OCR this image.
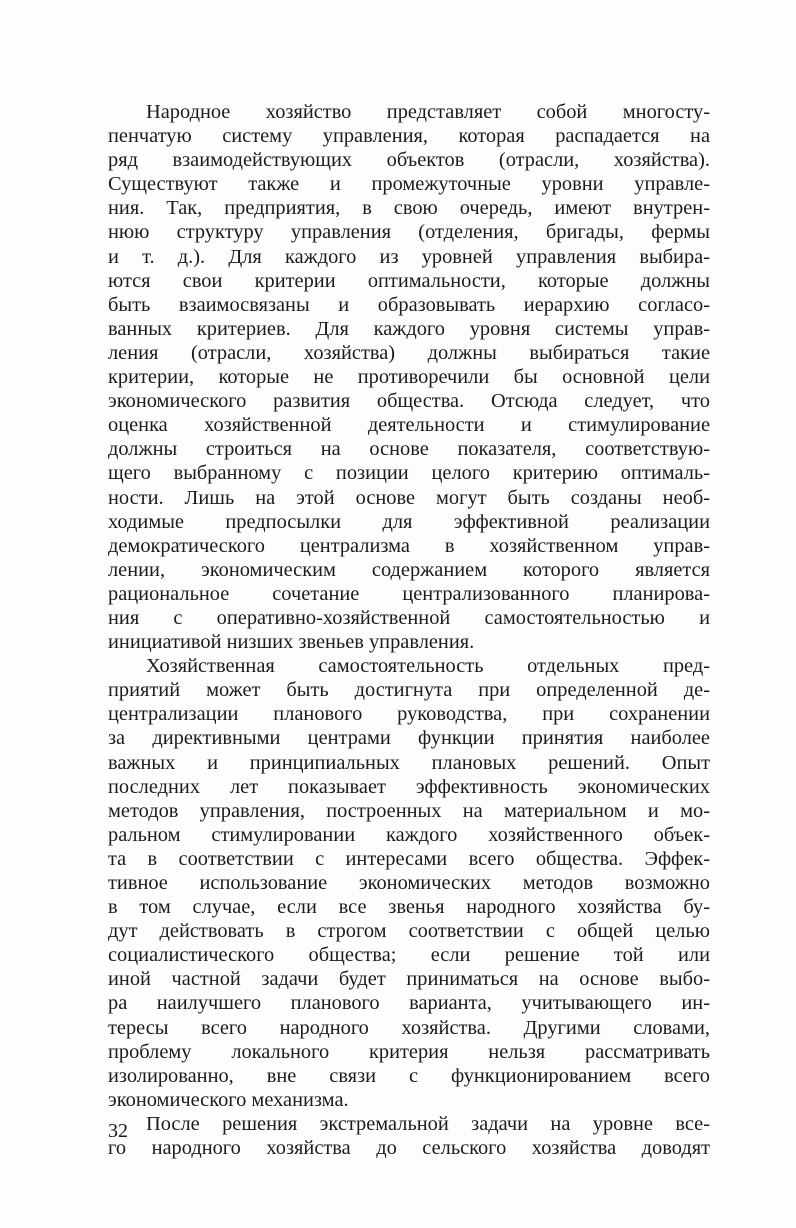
Народное хозяйство представляет собой многосту-
пенчатую систему управления, которая распадается на
ряд взаимодействующих объектов (отрасли, хозяйства).
Существуют также и промежуточные уровни управле-
ния. Так, предприятия, в свою очередь, имеют внутрен-
нюю структуру управления (отделения, бригады, фермы
и т. д.). Для каждого из уровней управления выбира-
ются свои критерии оптимальности, которые должны
быть взаимосвязаны и образовывать иерархию согласо-
ванных критериев. Для каждого уровня системы управ-
ления (отрасли, хозяйства) должны выбираться такие
критерии, которые не противоречили бы основной цели
экономического развития общества. Отсюда следует, что
оценка хозяйственной деятельности и стимулирование
должны строиться на основе показателя, соответствую-
щего выбранному с позиции целого критерию оптималь-
ности. Лишь на этой основе могут быть созданы необ-
ходимые предпосылки для эффективной реализации
демократического централизма в хозяйственном управ-
лении, экономическим содержанием которого является
рациональное сочетание централизованного планирова-
ния с оперативно-хозяйственной самостоятельностью и
инициативой низших звеньев управления.
Хозяйственная самостоятельность отдельных пред-
приятий может быть достигнута при определенной де-
централизации планового руководства, при сохранении
за директивными центрами функции принятия наиболее
важных и принципиальных плановых решений. Опыт
последних лет показывает эффективность экономических
методов управления, построенных на материальном и мо-
ральном стимулировании каждого хозяйственного объек-
та в соответствии с интересами всего общества. Эффек-
тивное использование экономических методов возможно
в том случае, если все звенья народного хозяйства бу-
дут действовать в строгом соответствии с общей целью
социалистического общества; если решение той или
иной частной задачи будет приниматься на основе выбо-
ра наилучшего планового варианта, учитывающего ин-
тересы всего народного хозяйства. Другими словами,
проблему локального критерия нельзя рассматривать
изолированно, вне связи с функционированием всего
экономического механизма.
После решения экстремальной задачи на уровне все-
го народного хозяйства до сельского хозяйства доводят
32
